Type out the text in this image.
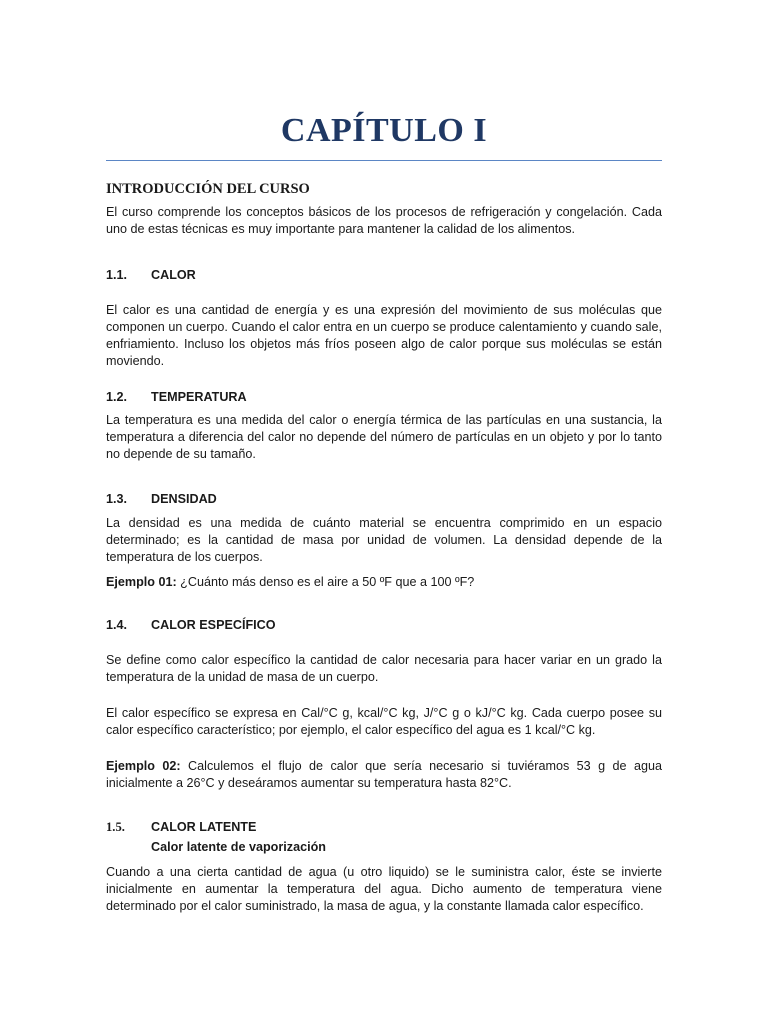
CAPÍTULO I
INTRODUCCIÓN DEL CURSO

El curso comprende los conceptos básicos de los procesos de refrigeración y congelación. Cada uno de estas técnicas es muy importante para mantener la calidad de los alimentos.

1.1.	CALOR

El calor es una cantidad de energía y es una expresión del movimiento de sus moléculas que componen un cuerpo. Cuando el calor entra en un cuerpo se produce calentamiento y cuando sale, enfriamiento. Incluso los objetos más fríos poseen algo de calor porque sus moléculas se están moviendo.

1.2.	TEMPERATURA

La temperatura es una medida del calor o energía térmica de las partículas en una sustancia, la temperatura a diferencia del calor no depende del número de partículas en un objeto y por lo tanto no depende de su tamaño.

1.3.	DENSIDAD

La densidad es una medida de cuánto material se encuentra comprimido en un espacio determinado; es la cantidad de masa por unidad de volumen. La densidad depende de la temperatura de los cuerpos.

Ejemplo 01: ¿Cuánto más denso es el aire a 50 ºF que a 100 ºF?

1.4.	CALOR ESPECÍFICO

Se define como calor específico la cantidad de calor necesaria para hacer variar en un grado la temperatura de la unidad de masa de un cuerpo.

El calor específico se expresa en Cal/°C g, kcal/°C kg, J/°C g o kJ/°C kg. Cada cuerpo posee su calor específico característico; por ejemplo, el calor específico del agua es 1 kcal/°C kg.

Ejemplo 02: Calculemos el flujo de calor que sería necesario si tuviéramos 53 g de agua inicialmente a 26°C y deseáramos aumentar su temperatura hasta 82°C.

1.5.	CALOR LATENTE
Calor latente de vaporización

Cuando a una cierta cantidad de agua (u otro liquido) se le suministra calor, éste se invierte inicialmente en aumentar la temperatura del agua. Dicho aumento de temperatura viene determinado por el calor suministrado, la masa de agua, y la constante llamada calor específico.
